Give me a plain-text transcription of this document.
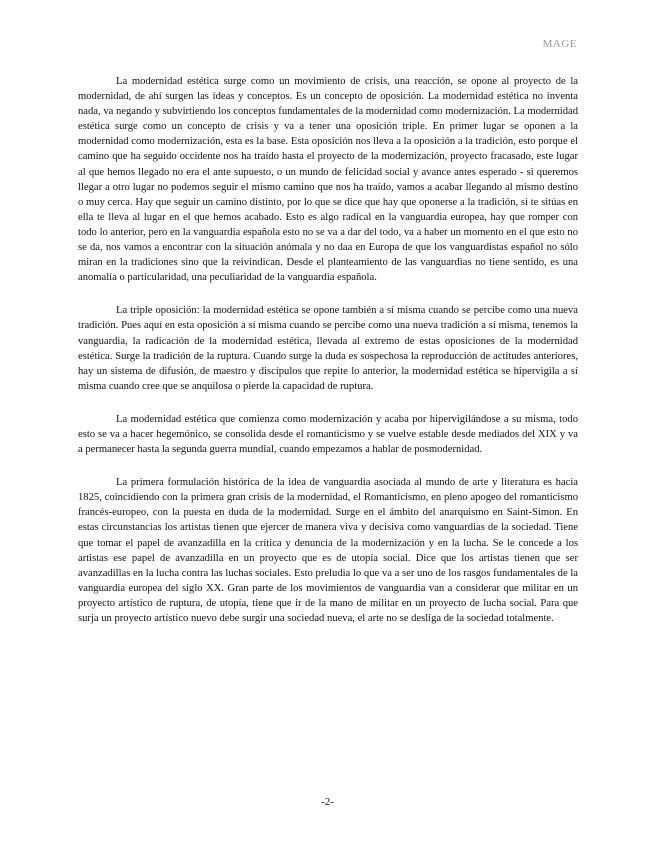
MAGE

La modernidad estética surge como un movimiento de crisis, una reacción, se opone al proyecto de la modernidad, de ahí surgen las ideas y conceptos. Es un concepto de oposición. La modernidad estética no inventa nada, va negando y subvirtiendo los conceptos fundamentales de la modernidad como modernización. La modernidad estética surge como un concepto de crisis y va a tener una oposición triple. En primer lugar se oponen a la modernidad como modernización, esta es la base. Esta oposición nos lleva a la oposición a la tradición, esto porque el camino que ha seguido occidente nos ha traído hasta el proyecto de la modernización, proyecto fracasado, este lugar al que hemos llegado no era el ante supuesto, o un mundo de felicidad social y avance antes esperado - si queremos llegar a otro lugar no podemos seguir el mismo camino que nos ha traído, vamos a acabar llegando al mismo destino o muy cerca. Hay que seguir un camino distinto, por lo que se dice que hay que oponerse a la tradición, si te sitúas en ella te lleva al lugar en el que hemos acabado. Esto es algo radical en la vanguardia europea, hay que romper con todo lo anterior, pero en la vanguardia española esto no se va a dar del todo, va a haber un momento en el que esto no se da, nos vamos a encontrar con la situación anómala y no daa en Europa de que los vanguardistas español no sólo miran en la tradiciones sino que la reivindican. Desde el planteamiento de las vanguardias no tiene sentido, es una anomalía o particularidad, una peculiaridad de la vanguardia española.

La triple oposición: la modernidad estética se opone también a sí misma cuando se percibe como una nueva tradición. Pues aquí en esta oposición a sí misma cuando se percibe como una nueva tradición a sí misma, tenemos la vanguardia, la radicación de la modernidad estética, llevada al extremo de estas oposiciones de la modernidad estética. Surge la tradición de la ruptura. Cuando surge la duda es sospechosa la reproducción de actitudes anteriores, hay un sistema de difusión, de maestro y discípulos que repite lo anterior, la modernidad estética se hipervigila a sí misma cuando cree que se anquilosa o pierde la capacidad de ruptura.

La modernidad estética que comienza como modernización y acaba por hipervigilándose a su misma, todo esto se va a hacer hegemónico, se consolida desde el romanticismo y se vuelve estable desde mediados del XIX y va a permanecer hasta la segunda guerra mundial, cuando empezamos a hablar de posmodernidad.

La primera formulación histórica de la idea de vanguardia asociada al mundo de arte y literatura es hacia 1825, coincidiendo con la primera gran crisis de la modernidad, el Romanticismo, en pleno apogeo del romanticismo francés-europeo, con la puesta en duda de la modernidad. Surge en el ámbito del anarquismo en Saint-Simon. En estas circunstancias los artistas tienen que ejercer de manera viva y decisiva como vanguardias de la sociedad. Tiene que tomar el papel de avanzadilla en la crítica y denuncia de la modernización y en la lucha. Se le concede a los artistas ese papel de avanzadilla en un proyecto que es de utopía social. Dice que los artistas tienen que ser avanzadillas en la lucha contra las luchas sociales. Esto preludia lo que va a ser uno de los rasgos fundamentales de la vanguardia europea del siglo XX. Gran parte de los movimientos de vanguardia van a considerar que militar en un proyecto artístico de ruptura, de utopía, tiene que ir de la mano de militar en un proyecto de lucha social. Para que surja un proyecto artístico nuevo debe surgir una sociedad nueva, el arte no se desliga de la sociedad totalmente.

-2-
